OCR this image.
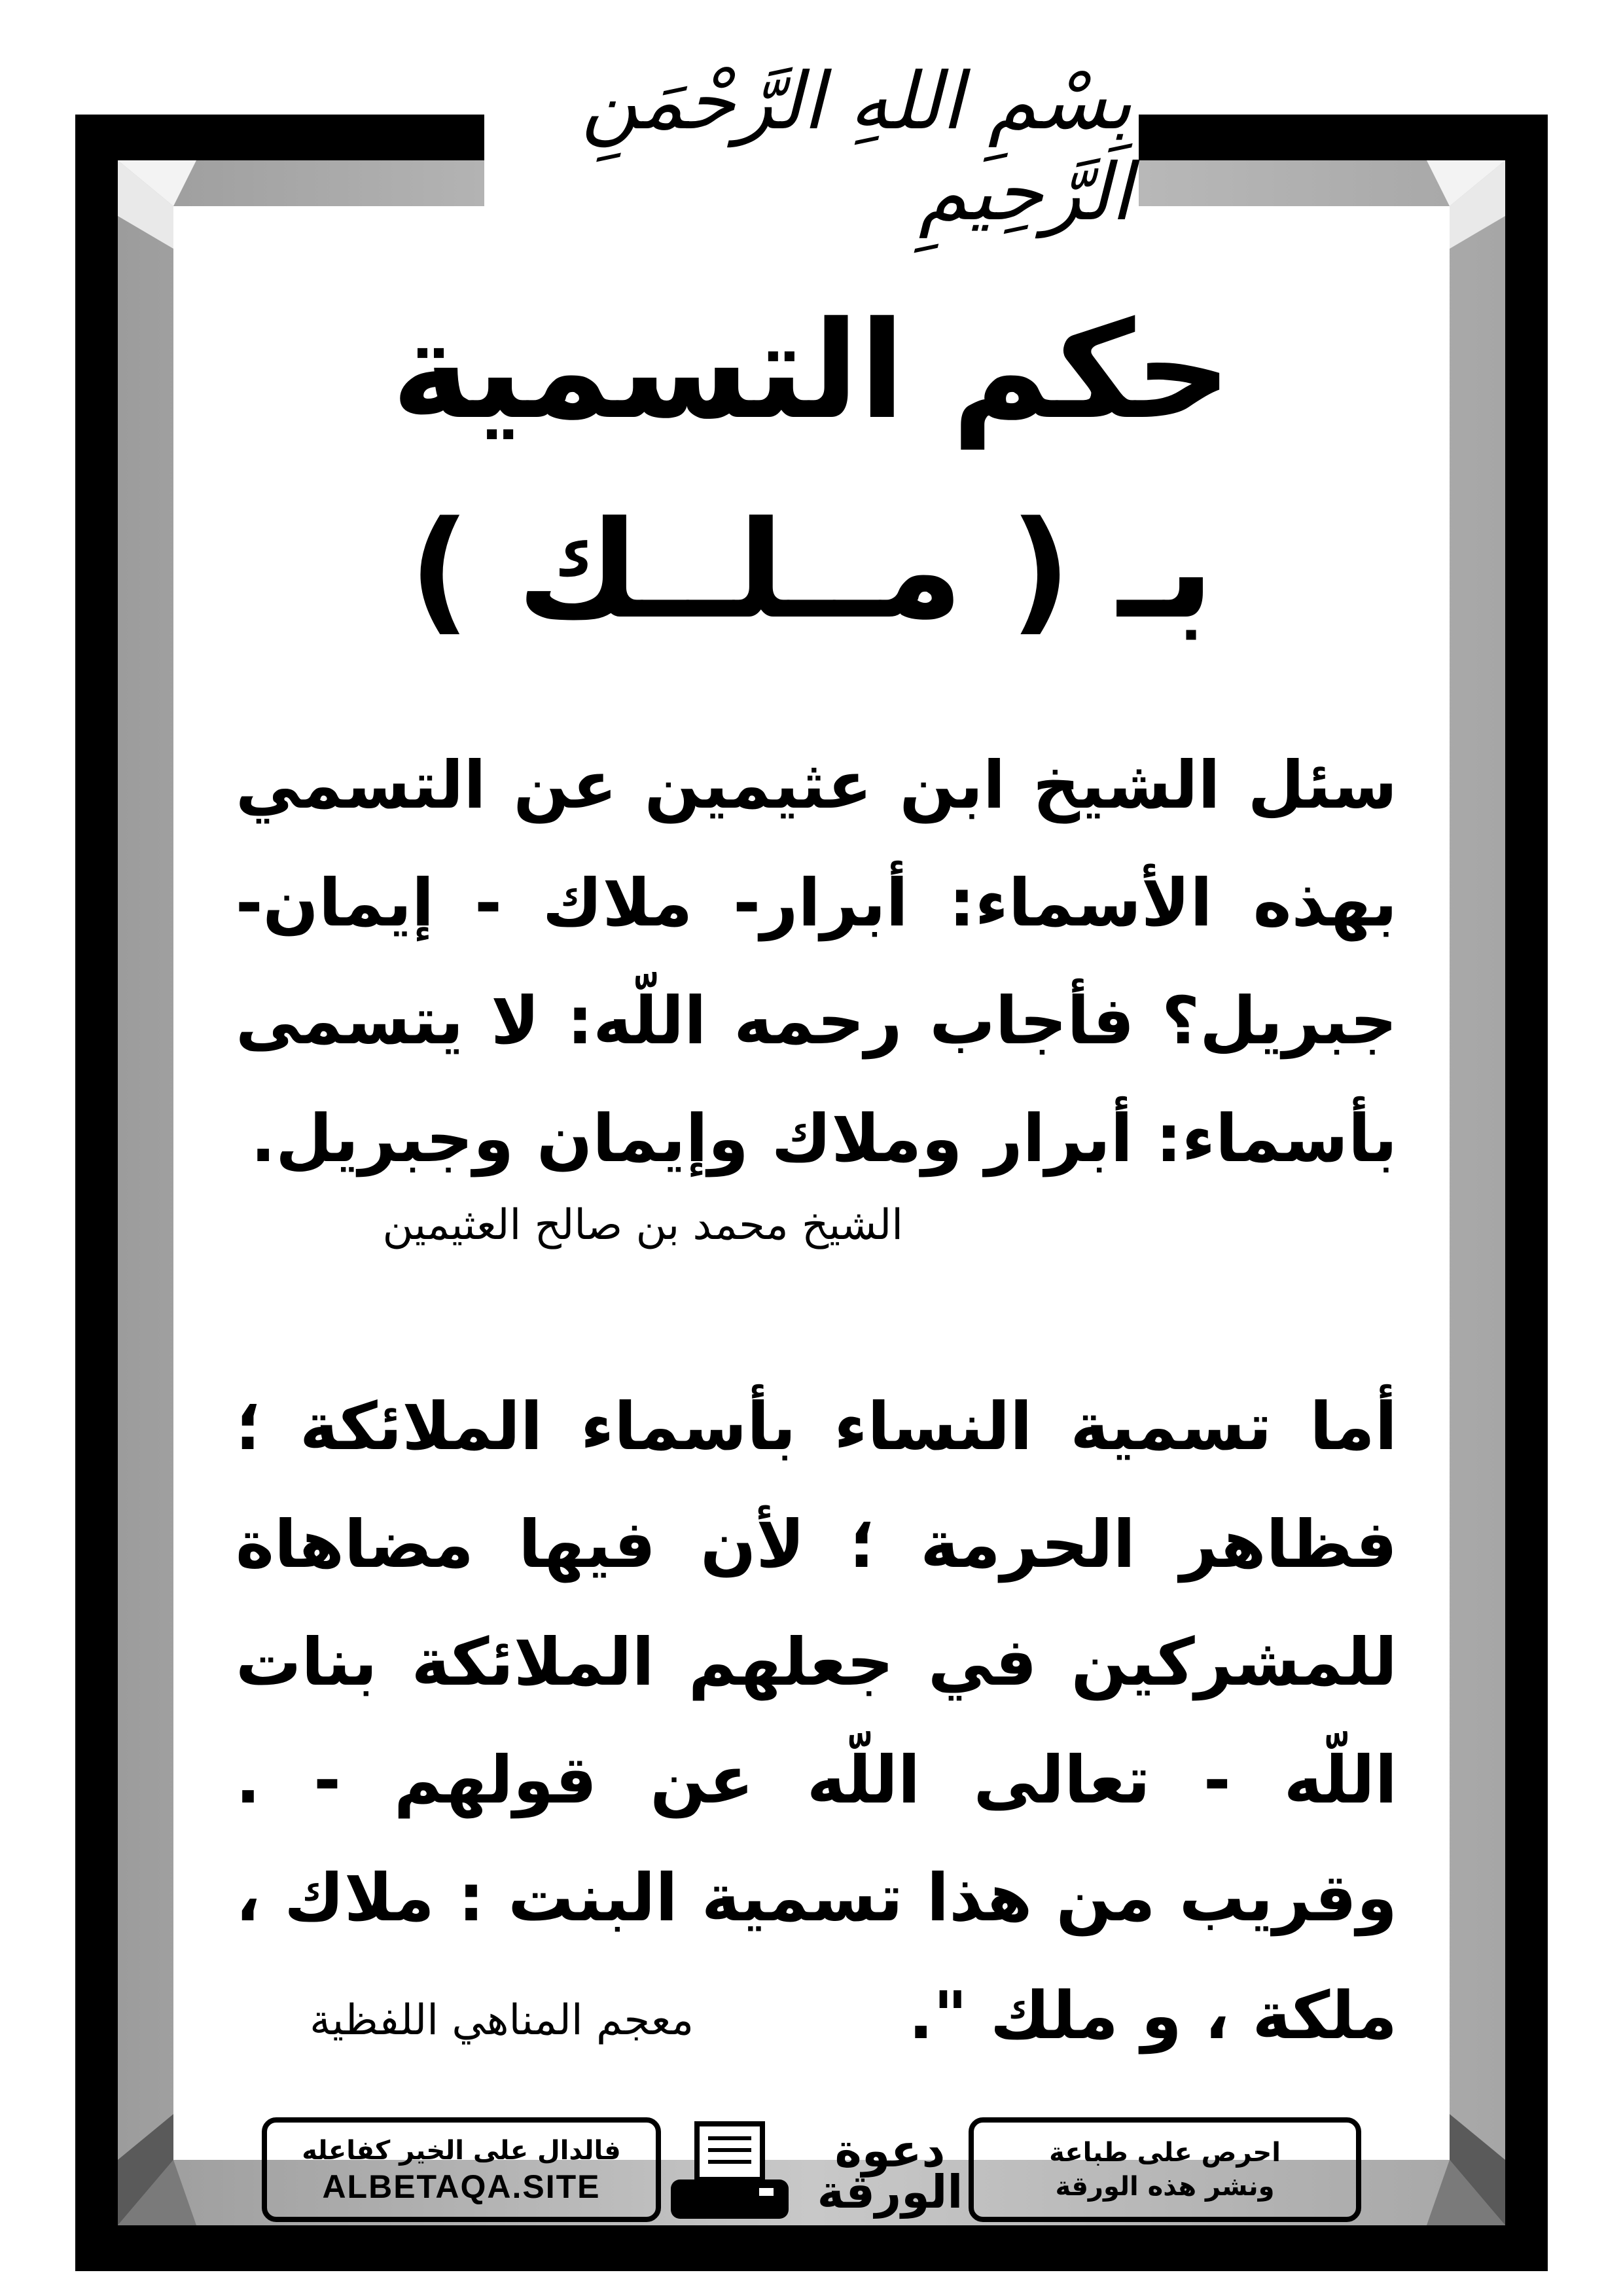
بِسْمِ اللهِ الرَّحْمَنِ الرَّحِيمِ
حكم التسمية
بـ ( مــلــك )
سئل الشيخ ابن عثيمين عن التسمي بهذه الأسماء: أبرار- ملاك - إيمان- جبريل؟ فأجاب رحمه اللّه: لا يتسمى بأسماء: أبرار وملاك وإيمان وجبريل.
الشيخ محمد بن صالح العثيمين
أما تسمية النساء بأسماء الملائكة ؛ فظاهر الحرمة ؛ لأن فيها مضاهاة للمشركين في جعلهم الملائكة بنات اللّه - تعالى اللّه عن قولهم - . وقريب من هذا تسمية البنت : ملاك ، ملكة ، و ملك ".
معجم المناهي اللفظية
فالدال على الخير كفاعله
ALBETAQA.SITE
دعوة الورقة
احرص على طباعة
ونشر هذه الورقة
